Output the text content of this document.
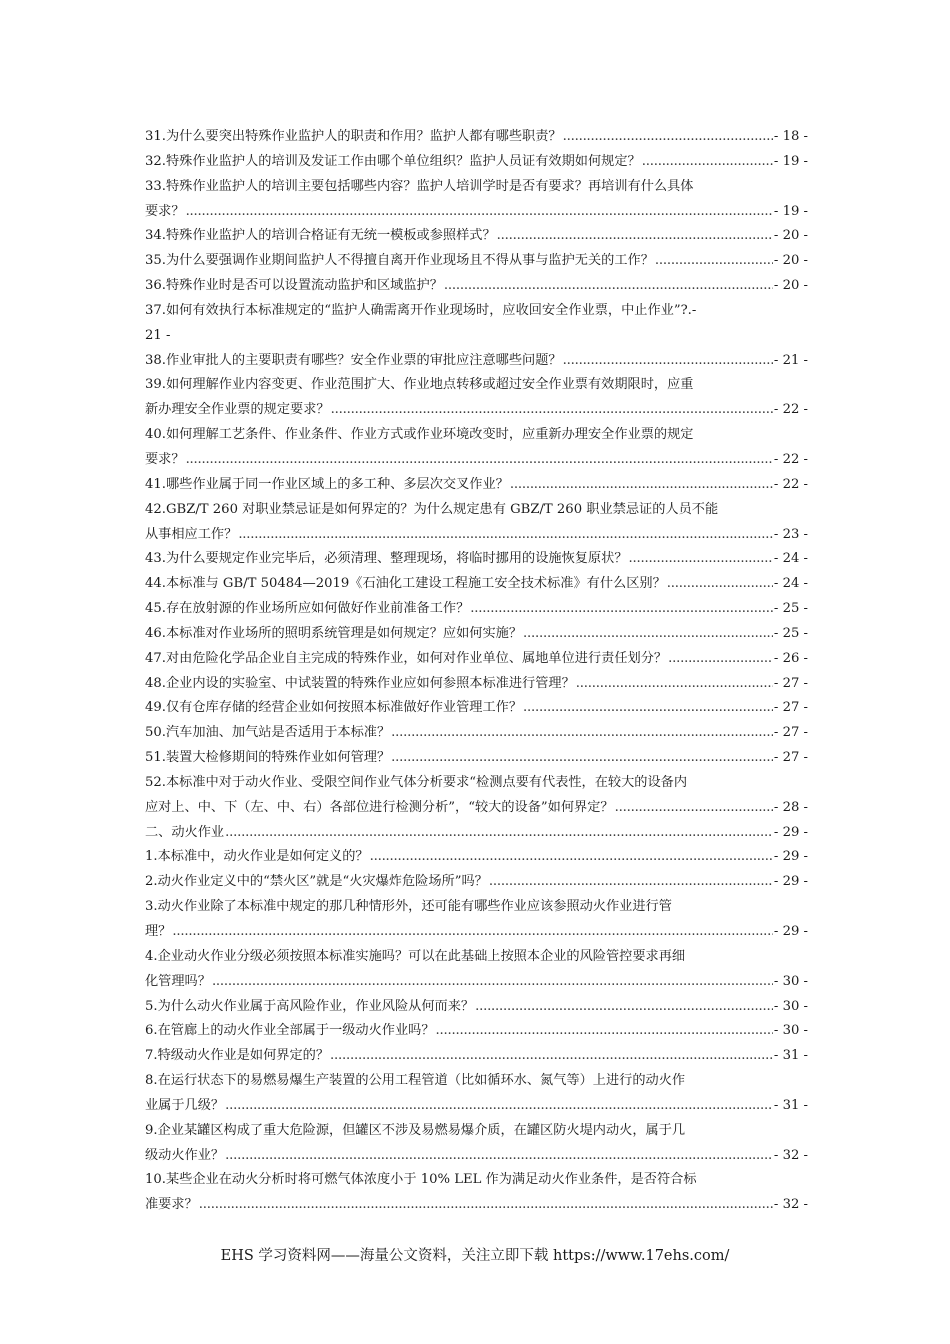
31.为什么要突出特殊作业监护人的职责和作用？监护人都有哪些职责？ .....	- 18 -
32.特殊作业监护人的培训及发证工作由哪个单位组织？监护人员证有效期如何规定？ .....	- 19 -
33.特殊作业监护人的培训主要包括哪些内容？监护人培训学时是否有要求？再培训有什么具体
要求？ .....	- 19 -
34.特殊作业监护人的培训合格证有无统一模板或参照样式？ .....	- 20 -
35.为什么要强调作业期间监护人不得擅自离开作业现场且不得从事与监护无关的工作？ .....	- 20 -
36.特殊作业时是否可以设置流动监护和区域监护？ .....	- 20 -
37.如何有效执行本标准规定的“监护人确需离开作业现场时，应收回安全作业票，中止作业”?.-
21 -
38.作业审批人的主要职责有哪些？安全作业票的审批应注意哪些问题？ .....	- 21 -
39.如何理解作业内容变更、作业范围扩大、作业地点转移或超过安全作业票有效期限时，应重
新办理安全作业票的规定要求？ .....	- 22 -
40.如何理解工艺条件、作业条件、作业方式或作业环境改变时，应重新办理安全作业票的规定
要求？ .....	- 22 -
41.哪些作业属于同一作业区域上的多工种、多层次交叉作业？ .....	- 22 -
42.GBZ/T 260 对职业禁忌证是如何界定的？为什么规定患有 GBZ/T 260 职业禁忌证的人员不能
从事相应工作？ .....	- 23 -
43.为什么要规定作业完毕后，必须清理、整理现场，将临时挪用的设施恢复原状？ .....	- 24 -
44.本标准与 GB/T 50484—2019《石油化工建设工程施工安全技术标准》有什么区别？ .....	- 24 -
45.存在放射源的作业场所应如何做好作业前准备工作？ .....	- 25 -
46.本标准对作业场所的照明系统管理是如何规定？应如何实施？ .....	- 25 -
47.对由危险化学品企业自主完成的特殊作业，如何对作业单位、属地单位进行责任划分？ .....	- 26 -
48.企业内设的实验室、中试装置的特殊作业应如何参照本标准进行管理？ .....	- 27 -
49.仅有仓库存储的经营企业如何按照本标准做好作业管理工作？ .....	- 27 -
50.汽车加油、加气站是否适用于本标准？ .....	- 27 -
51.装置大检修期间的特殊作业如何管理？ .....	- 27 -
52.本标准中对于动火作业、受限空间作业气体分析要求“检测点要有代表性，在较大的设备内
应对上、中、下（左、中、右）各部位进行检测分析”，“较大的设备”如何界定？ .....	- 28 -
二、动火作业 .....	- 29 -
1.本标准中，动火作业是如何定义的？ .....	- 29 -
2.动火作业定义中的“禁火区”就是“火灾爆炸危险场所”吗？ .....	- 29 -
3.动火作业除了本标准中规定的那几种情形外，还可能有哪些作业应该参照动火作业进行管
理？ .....	- 29 -
4.企业动火作业分级必须按照本标准实施吗？可以在此基础上按照本企业的风险管控要求再细
化管理吗？ .....	- 30 -
5.为什么动火作业属于高风险作业，作业风险从何而来？ .....	- 30 -
6.在管廊上的动火作业全部属于一级动火作业吗？ .....	- 30 -
7.特级动火作业是如何界定的？ .....	- 31 -
8.在运行状态下的易燃易爆生产装置的公用工程管道（比如循环水、氮气等）上进行的动火作
业属于几级？ .....	- 31 -
9.企业某罐区构成了重大危险源，但罐区不涉及易燃易爆介质，在罐区防火堤内动火，属于几
级动火作业？ .....	- 32 -
10.某些企业在动火分析时将可燃气体浓度小于 10% LEL 作为满足动火作业条件，是否符合标
准要求？ .....	- 32 -
EHS 学习资料网——海量公文资料，关注立即下载 https://www.17ehs.com/
